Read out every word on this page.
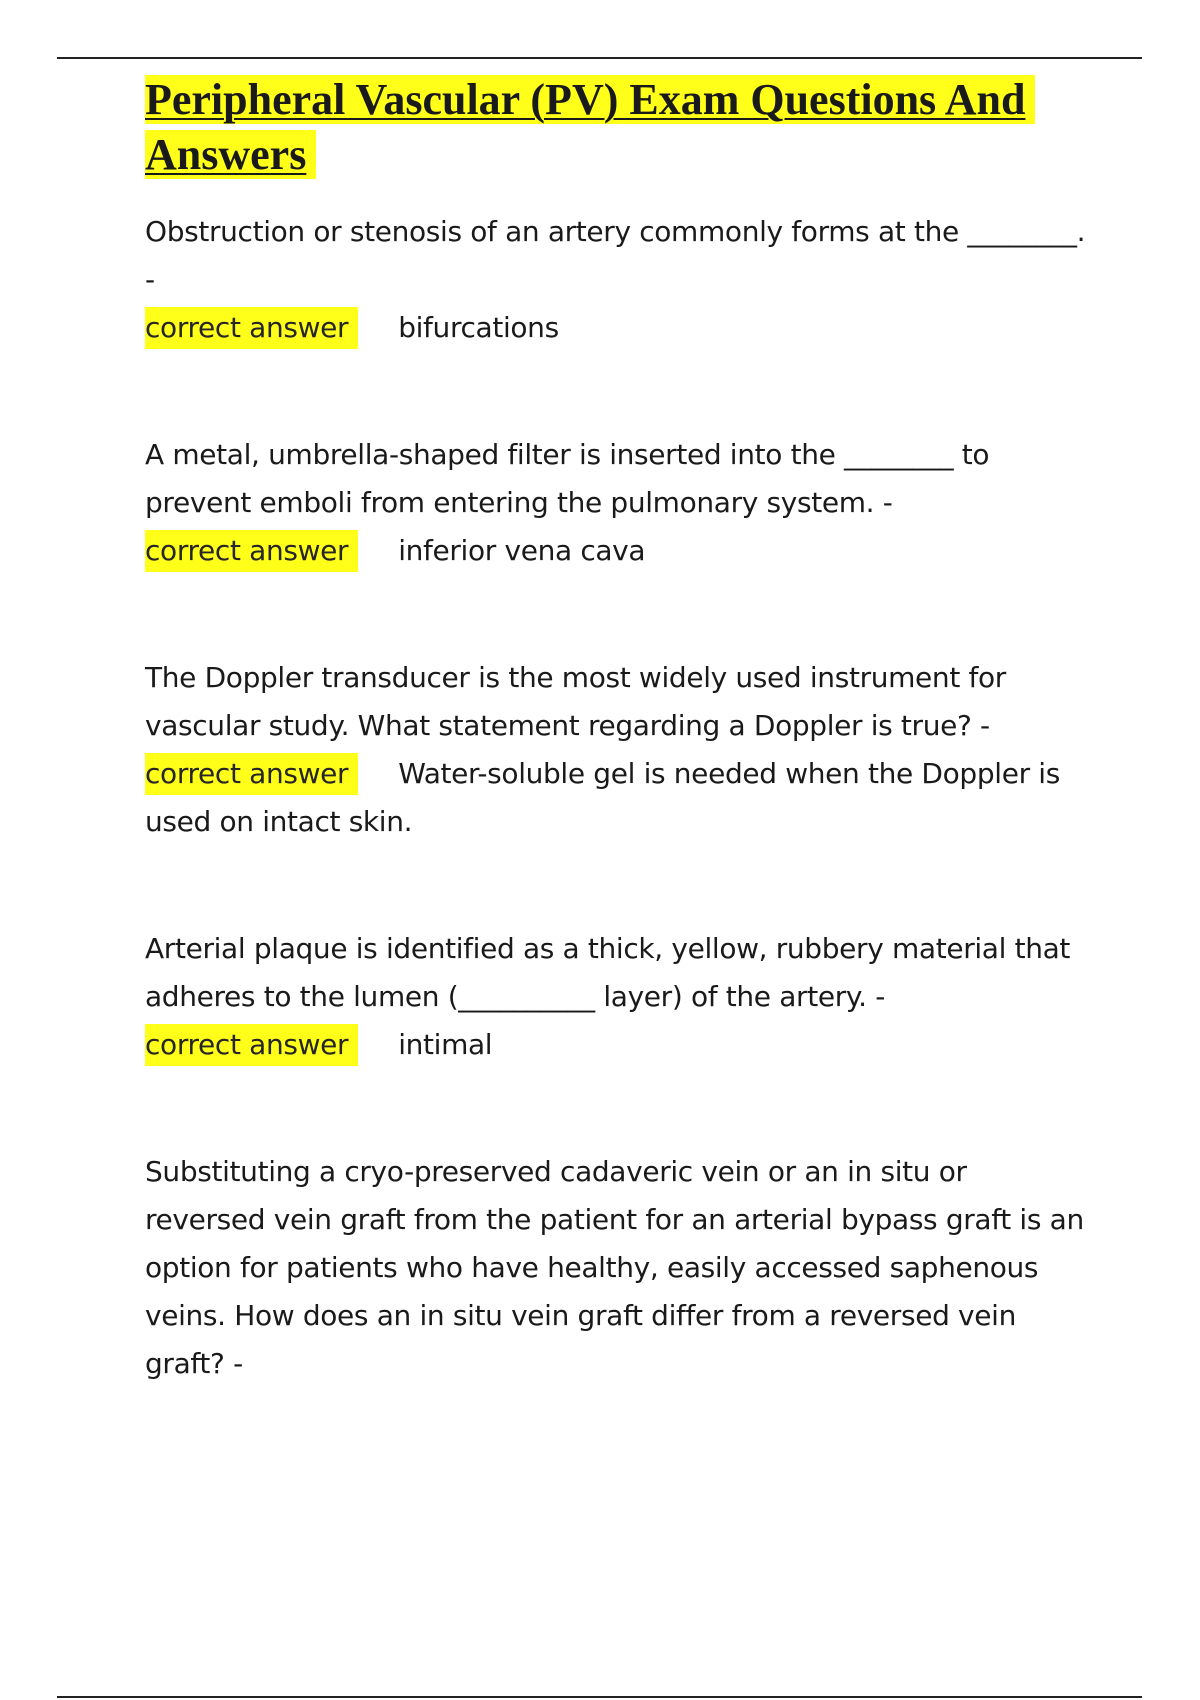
Peripheral Vascular (PV) Exam Questions And Answers

Obstruction or stenosis of an artery commonly forms at the ________. -

correct answer bifurcations

A metal, umbrella-shaped filter is inserted into the ________ to prevent emboli from entering the pulmonary system. -

correct answer inferior vena cava

The Doppler transducer is the most widely used instrument for vascular study. What statement regarding a Doppler is true? -

correct answer Water-soluble gel is needed when the Doppler is used on intact skin.

Arterial plaque is identified as a thick, yellow, rubbery material that adheres to the lumen (__________ layer) of the artery. -

correct answer intimal

Substituting a cryo-preserved cadaveric vein or an in situ or reversed vein graft from the patient for an arterial bypass graft is an option for patients who have healthy, easily accessed saphenous veins. How does an in situ vein graft differ from a reversed vein graft? -
